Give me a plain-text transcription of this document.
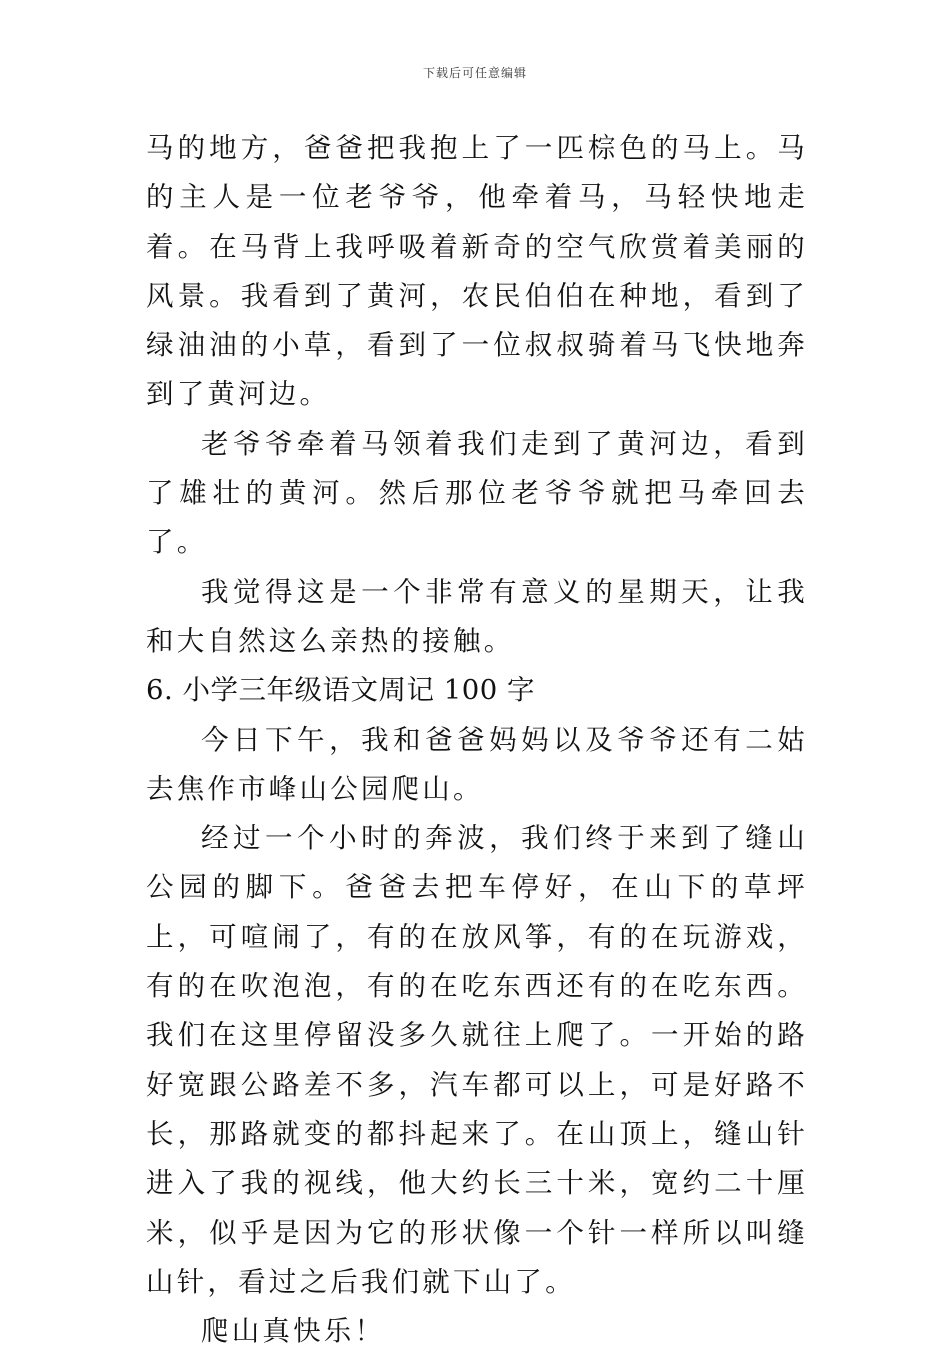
下载后可任意编辑

马的地方，爸爸把我抱上了一匹棕色的马上。马的主人是一位老爷爷，他牵着马，马轻快地走着。在马背上我呼吸着新奇的空气欣赏着美丽的风景。我看到了黄河，农民伯伯在种地，看到了绿油油的小草，看到了一位叔叔骑着马飞快地奔到了黄河边。

老爷爷牵着马领着我们走到了黄河边，看到了雄壮的黄河。然后那位老爷爷就把马牵回去了。

我觉得这是一个非常有意义的星期天，让我和大自然这么亲热的接触。

6. 小学三年级语文周记 100 字

今日下午，我和爸爸妈妈以及爷爷还有二姑去焦作市峰山公园爬山。

经过一个小时的奔波，我们终于来到了缝山公园的脚下。爸爸去把车停好，在山下的草坪上，可喧闹了，有的在放风筝，有的在玩游戏，有的在吹泡泡，有的在吃东西还有的在吃东西。我们在这里停留没多久就往上爬了。一开始的路好宽跟公路差不多，汽车都可以上，可是好路不长，那路就变的都抖起来了。在山顶上，缝山针进入了我的视线，他大约长三十米，宽约二十厘米，似乎是因为它的形状像一个针一样所以叫缝山针，看过之后我们就下山了。

爬山真快乐！
